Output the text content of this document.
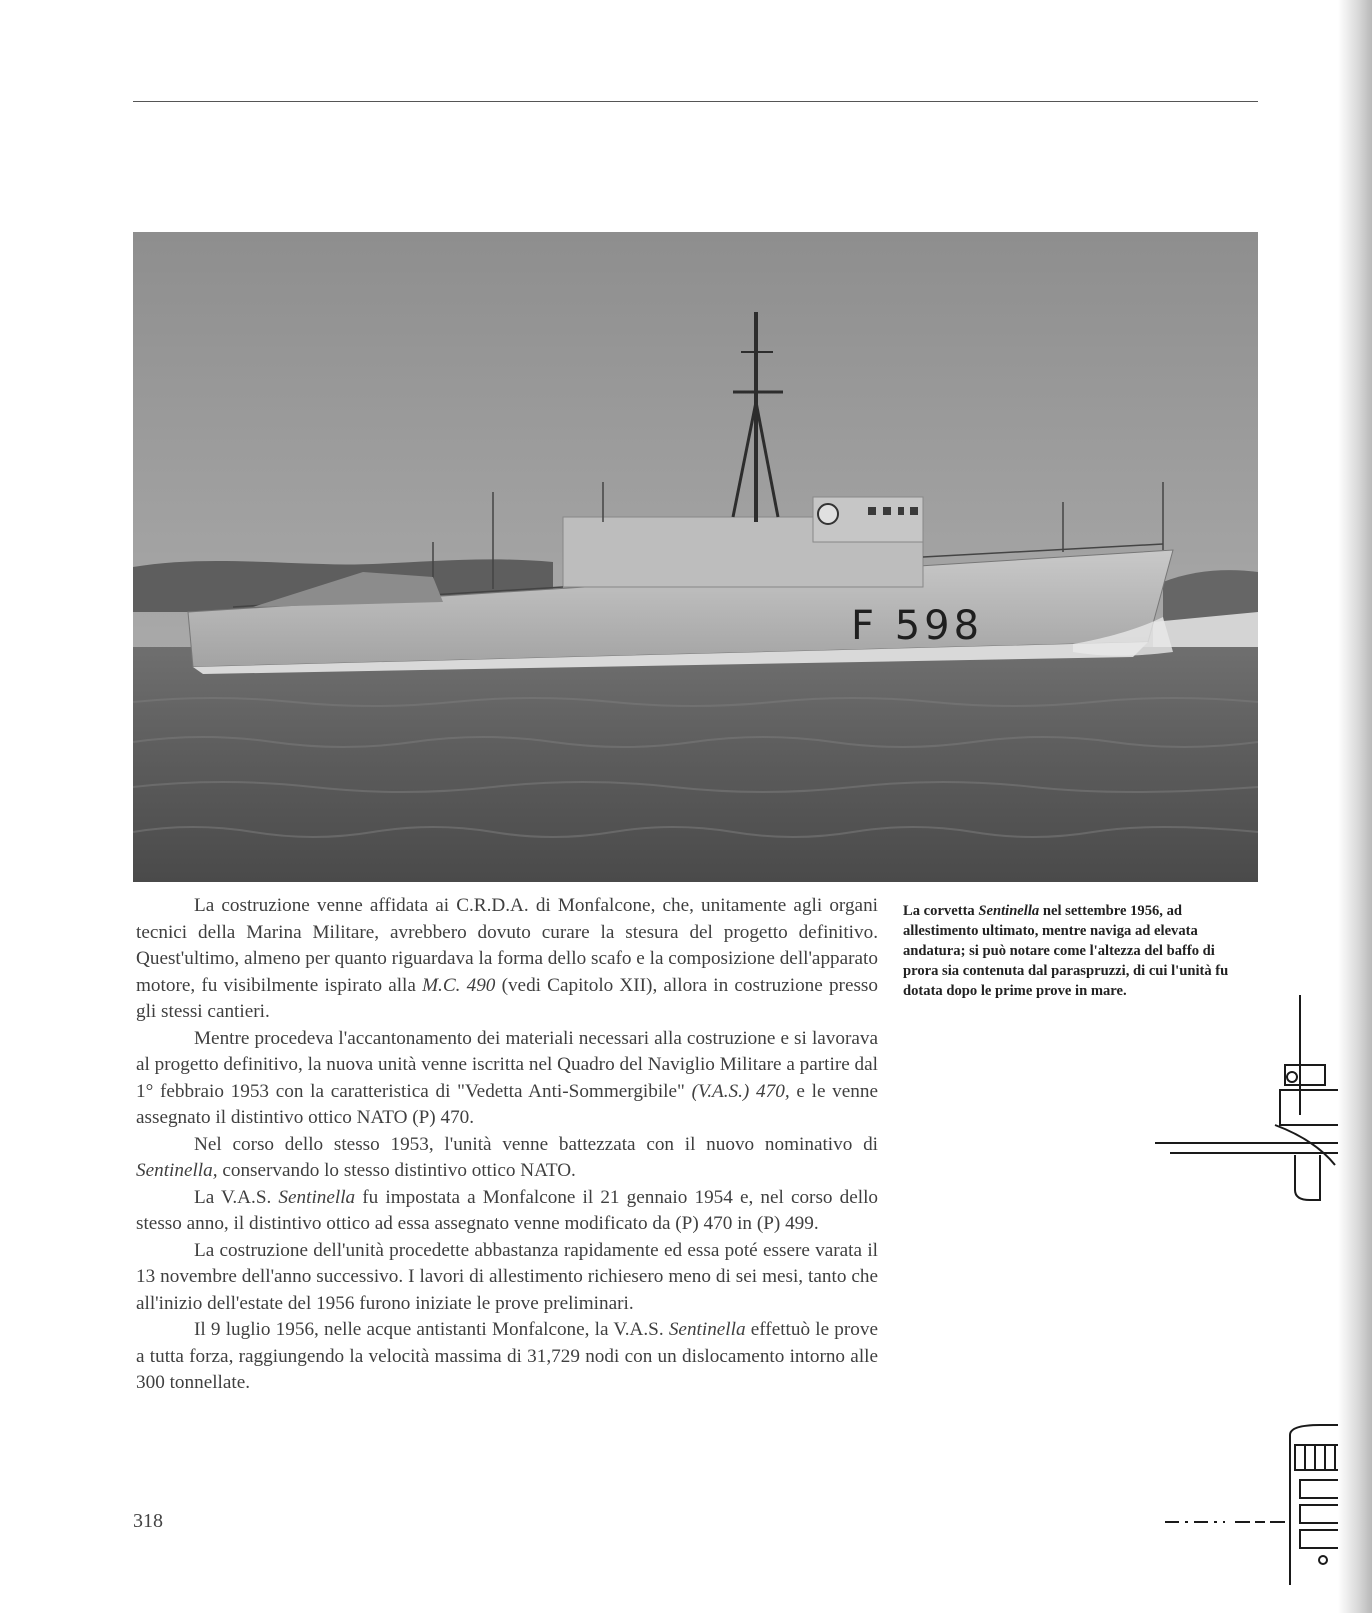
F 598

La costruzione venne affidata ai C.R.D.A. di Monfalcone, che, unitamente agli organi tecnici della Marina Militare, avrebbero dovuto curare la stesura del progetto definitivo. Quest'ultimo, almeno per quanto riguardava la forma dello scafo e la composizione dell'apparato motore, fu visibilmente ispirato alla M.C. 490 (vedi Capitolo XII), allora in costruzione presso gli stessi cantieri.

Mentre procedeva l'accantonamento dei materiali necessari alla costruzione e si lavorava al progetto definitivo, la nuova unità venne iscritta nel Quadro del Naviglio Militare a partire dal 1° febbraio 1953 con la caratteristica di "Vedetta Anti-Sommergibile" (V.A.S.) 470, e le venne assegnato il distintivo ottico NATO (P) 470.

Nel corso dello stesso 1953, l'unità venne battezzata con il nuovo nominativo di Sentinella, conservando lo stesso distintivo ottico NATO.

La V.A.S. Sentinella fu impostata a Monfalcone il 21 gennaio 1954 e, nel corso dello stesso anno, il distintivo ottico ad essa assegnato venne modificato da (P) 470 in (P) 499.

La costruzione dell'unità procedette abbastanza rapidamente ed essa poté essere varata il 13 novembre dell'anno successivo. I lavori di allestimento richiesero meno di sei mesi, tanto che all'inizio dell'estate del 1956 furono iniziate le prove preliminari.

Il 9 luglio 1956, nelle acque antistanti Monfalcone, la V.A.S. Sentinella effettuò le prove a tutta forza, raggiungendo la velocità massima di 31,729 nodi con un dislocamento intorno alle 300 tonnellate.

La corvetta Sentinella nel settembre 1956, ad allestimento ultimato, mentre naviga ad elevata andatura; si può notare come l'altezza del baffo di prora sia contenuta dal paraspruzzi, di cui l'unità fu dotata dopo le prime prove in mare.
318
